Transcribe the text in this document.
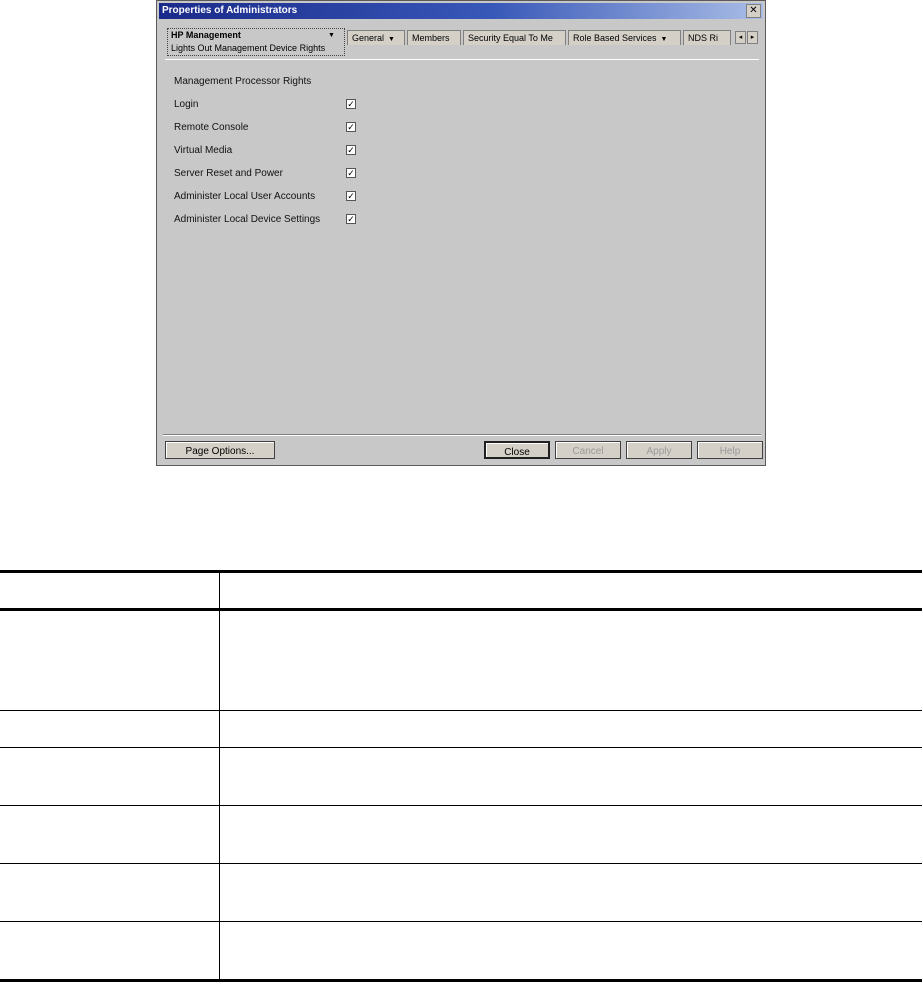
Properties of Administrators	✕
HP Management	▼
Lights Out Management Device Rights
General ▼	Members	Security Equal To Me	Role Based Services ▼	NDS Ri	◂	▸
Management Processor Rights
Login	✓
Remote Console	✓
Virtual Media	✓
Server Reset and Power	✓
Administer Local User Accounts	✓
Administer Local Device Settings	✓
Page Options...	Close	Cancel	Apply	Help
